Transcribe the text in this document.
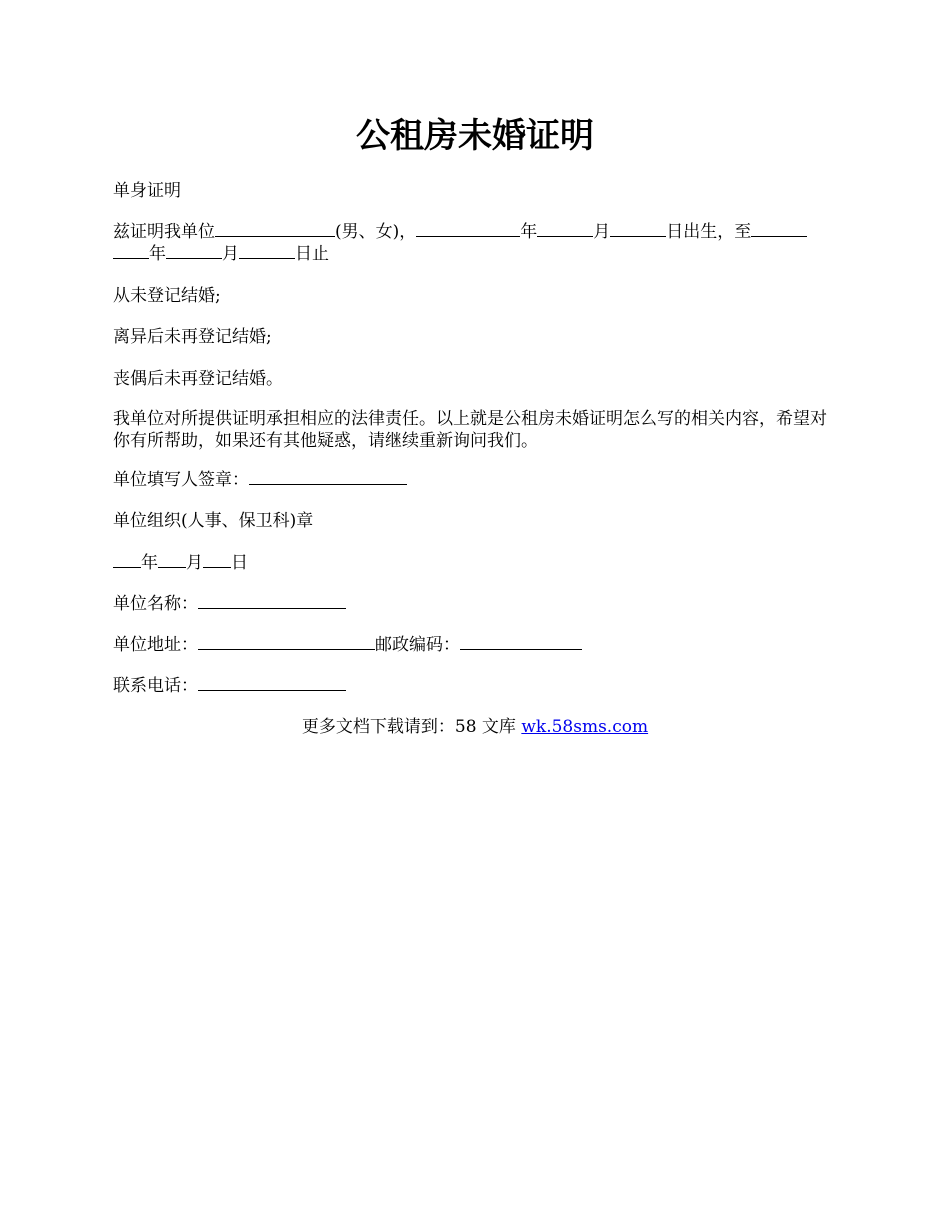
公租房未婚证明

单身证明

兹证明我单位	(男、女)，	年	月	日出生，至
年	月	日止

从未登记结婚;

离异后未再登记结婚;

丧偶后未再登记结婚。

我单位对所提供证明承担相应的法律责任。以上就是公租房未婚证明怎么写的相关内容，希望对你有所帮助，如果还有其他疑惑，请继续重新询问我们。

单位填写人签章：

单位组织(人事、保卫科)章

年 月 日

单位名称：

单位地址：	邮政编码：

联系电话：

更多文档下载请到：58 文库 wk.58sms.com
